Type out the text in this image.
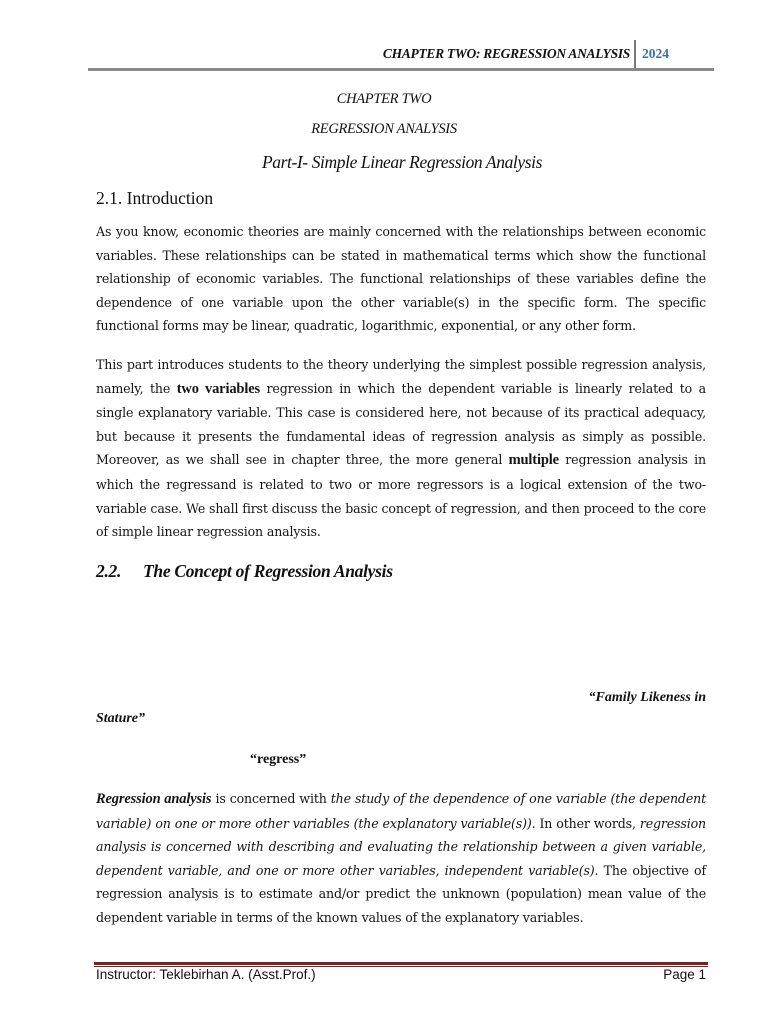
CHAPTER TWO: REGRESSION ANALYSIS 2024
CHAPTER TWO
REGRESSION ANALYSIS
Part-I- Simple Linear Regression Analysis
2.1. Introduction
As you know, economic theories are mainly concerned with the relationships between economic variables. These relationships can be stated in mathematical terms which show the functional relationship of economic variables. The functional relationships of these variables define the dependence of one variable upon the other variable(s) in the specific form. The specific functional forms may be linear, quadratic, logarithmic, exponential, or any other form.
This part introduces students to the theory underlying the simplest possible regression analysis, namely, the two variables regression in which the dependent variable is linearly related to a single explanatory variable. This case is considered here, not because of its practical adequacy, but because it presents the fundamental ideas of regression analysis as simply as possible. Moreover, as we shall see in chapter three, the more general multiple regression analysis in which the regressand is related to two or more regressors is a logical extension of the two-variable case. We shall first discuss the basic concept of regression, and then proceed to the core of simple linear regression analysis.
2.2. The Concept of Regression Analysis
“Family Likeness in
Stature”
“regress”
Regression analysis is concerned with the study of the dependence of one variable (the dependent variable) on one or more other variables (the explanatory variable(s)). In other words, regression analysis is concerned with describing and evaluating the relationship between a given variable, dependent variable, and one or more other variables, independent variable(s). The objective of regression analysis is to estimate and/or predict the unknown (population) mean value of the dependent variable in terms of the known values of the explanatory variables.
Instructor: Teklebirhan A. (Asst.Prof.)	Page 1
